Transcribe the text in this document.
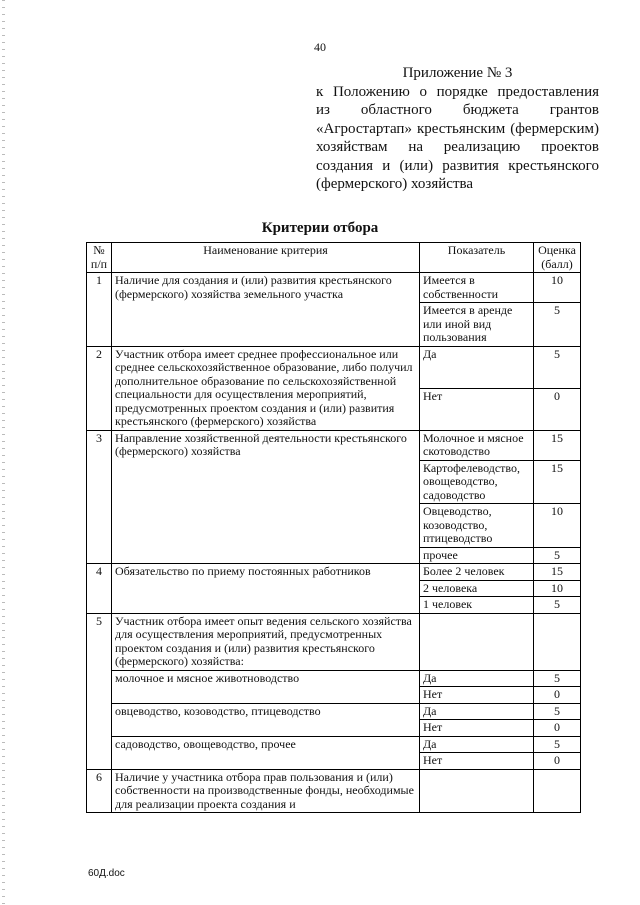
40
Приложение № 3
к Положению о порядке предоставления
из областного бюджета грантов
«Агростартап» крестьянским (фермерским)
хозяйствам на реализацию проектов
создания и (или) развития крестьянского
(фермерского) хозяйства
Критерии отбора
№ п/п	Наименование критерия	Показатель	Оценка (балл)
1	Наличие для создания и (или) развития крестьянского (фермерского) хозяйства земельного участка	Имеется в собственности	10
		Имеется в аренде или иной вид пользования	5
2	Участник отбора имеет среднее профессиональное или среднее сельскохозяйственное образование, либо получил дополнительное образование по сельскохозяйственной специальности для осуществления мероприятий, предусмотренных проектом создания и (или) развития крестьянского (фермерского) хозяйства	Да	5
		Нет	0
3	Направление хозяйственной деятельности крестьянского (фермерского) хозяйства	Молочное и мясное скотоводство	15
		Картофелеводство, овощеводство, садоводство	15
		Овцеводство, козоводство, птицеводство	10
		прочее	5
4	Обязательство по приему постоянных работников	Более 2 человек	15
		2 человека	10
		1 человек	5
5	Участник отбора имеет опыт ведения сельского хозяйства для осуществления мероприятий, предусмотренных проектом создания и (или) развития крестьянского (фермерского) хозяйства:		
	молочное и мясное животноводство	Да	5
		Нет	0
	овцеводство, козоводство, птицеводство	Да	5
		Нет	0
	садоводство, овощеводство, прочее	Да	5
		Нет	0
6	Наличие у участника отбора прав пользования и (или) собственности на производственные фонды, необходимые для реализации проекта создания и		
60Д.doc
